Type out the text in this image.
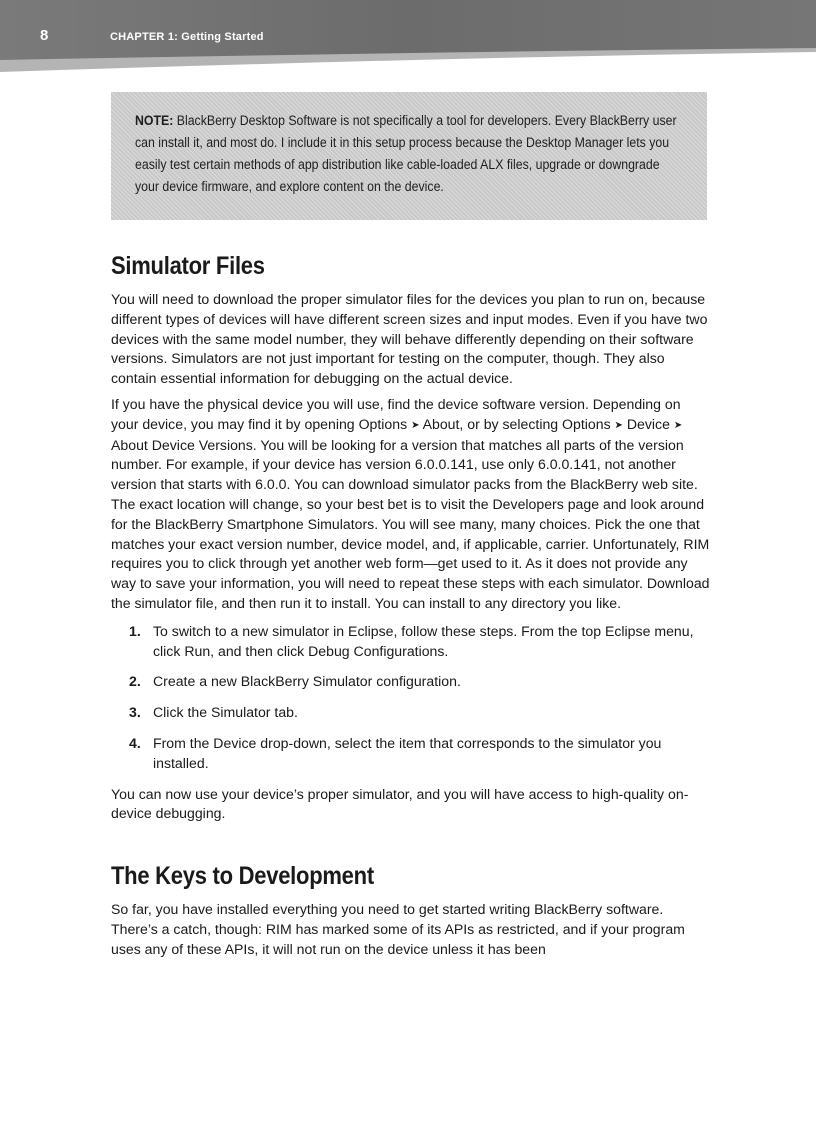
8	CHAPTER 1: Getting Started

NOTE: BlackBerry Desktop Software is not specifically a tool for developers. Every BlackBerry user can install it, and most do. I include it in this setup process because the Desktop Manager lets you easily test certain methods of app distribution like cable-loaded ALX files, upgrade or downgrade your device firmware, and explore content on the device.

Simulator Files

You will need to download the proper simulator files for the devices you plan to run on, because different types of devices will have different screen sizes and input modes. Even if you have two devices with the same model number, they will behave differently depending on their software versions. Simulators are not just important for testing on the computer, though. They also contain essential information for debugging on the actual device.

If you have the physical device you will use, find the device software version. Depending on your device, you may find it by opening Options ➤ About, or by selecting Options ➤ Device ➤ About Device Versions. You will be looking for a version that matches all parts of the version number. For example, if your device has version 6.0.0.141, use only 6.0.0.141, not another version that starts with 6.0.0. You can download simulator packs from the BlackBerry web site. The exact location will change, so your best bet is to visit the Developers page and look around for the BlackBerry Smartphone Simulators. You will see many, many choices. Pick the one that matches your exact version number, device model, and, if applicable, carrier. Unfortunately, RIM requires you to click through yet another web form—get used to it. As it does not provide any way to save your information, you will need to repeat these steps with each simulator. Download the simulator file, and then run it to install. You can install to any directory you like.

1. To switch to a new simulator in Eclipse, follow these steps. From the top Eclipse menu, click Run, and then click Debug Configurations.
2. Create a new BlackBerry Simulator configuration.
3. Click the Simulator tab.
4. From the Device drop-down, select the item that corresponds to the simulator you installed.

You can now use your device’s proper simulator, and you will have access to high-quality on-device debugging.

The Keys to Development

So far, you have installed everything you need to get started writing BlackBerry software. There’s a catch, though: RIM has marked some of its APIs as restricted, and if your program uses any of these APIs, it will not run on the device unless it has been
